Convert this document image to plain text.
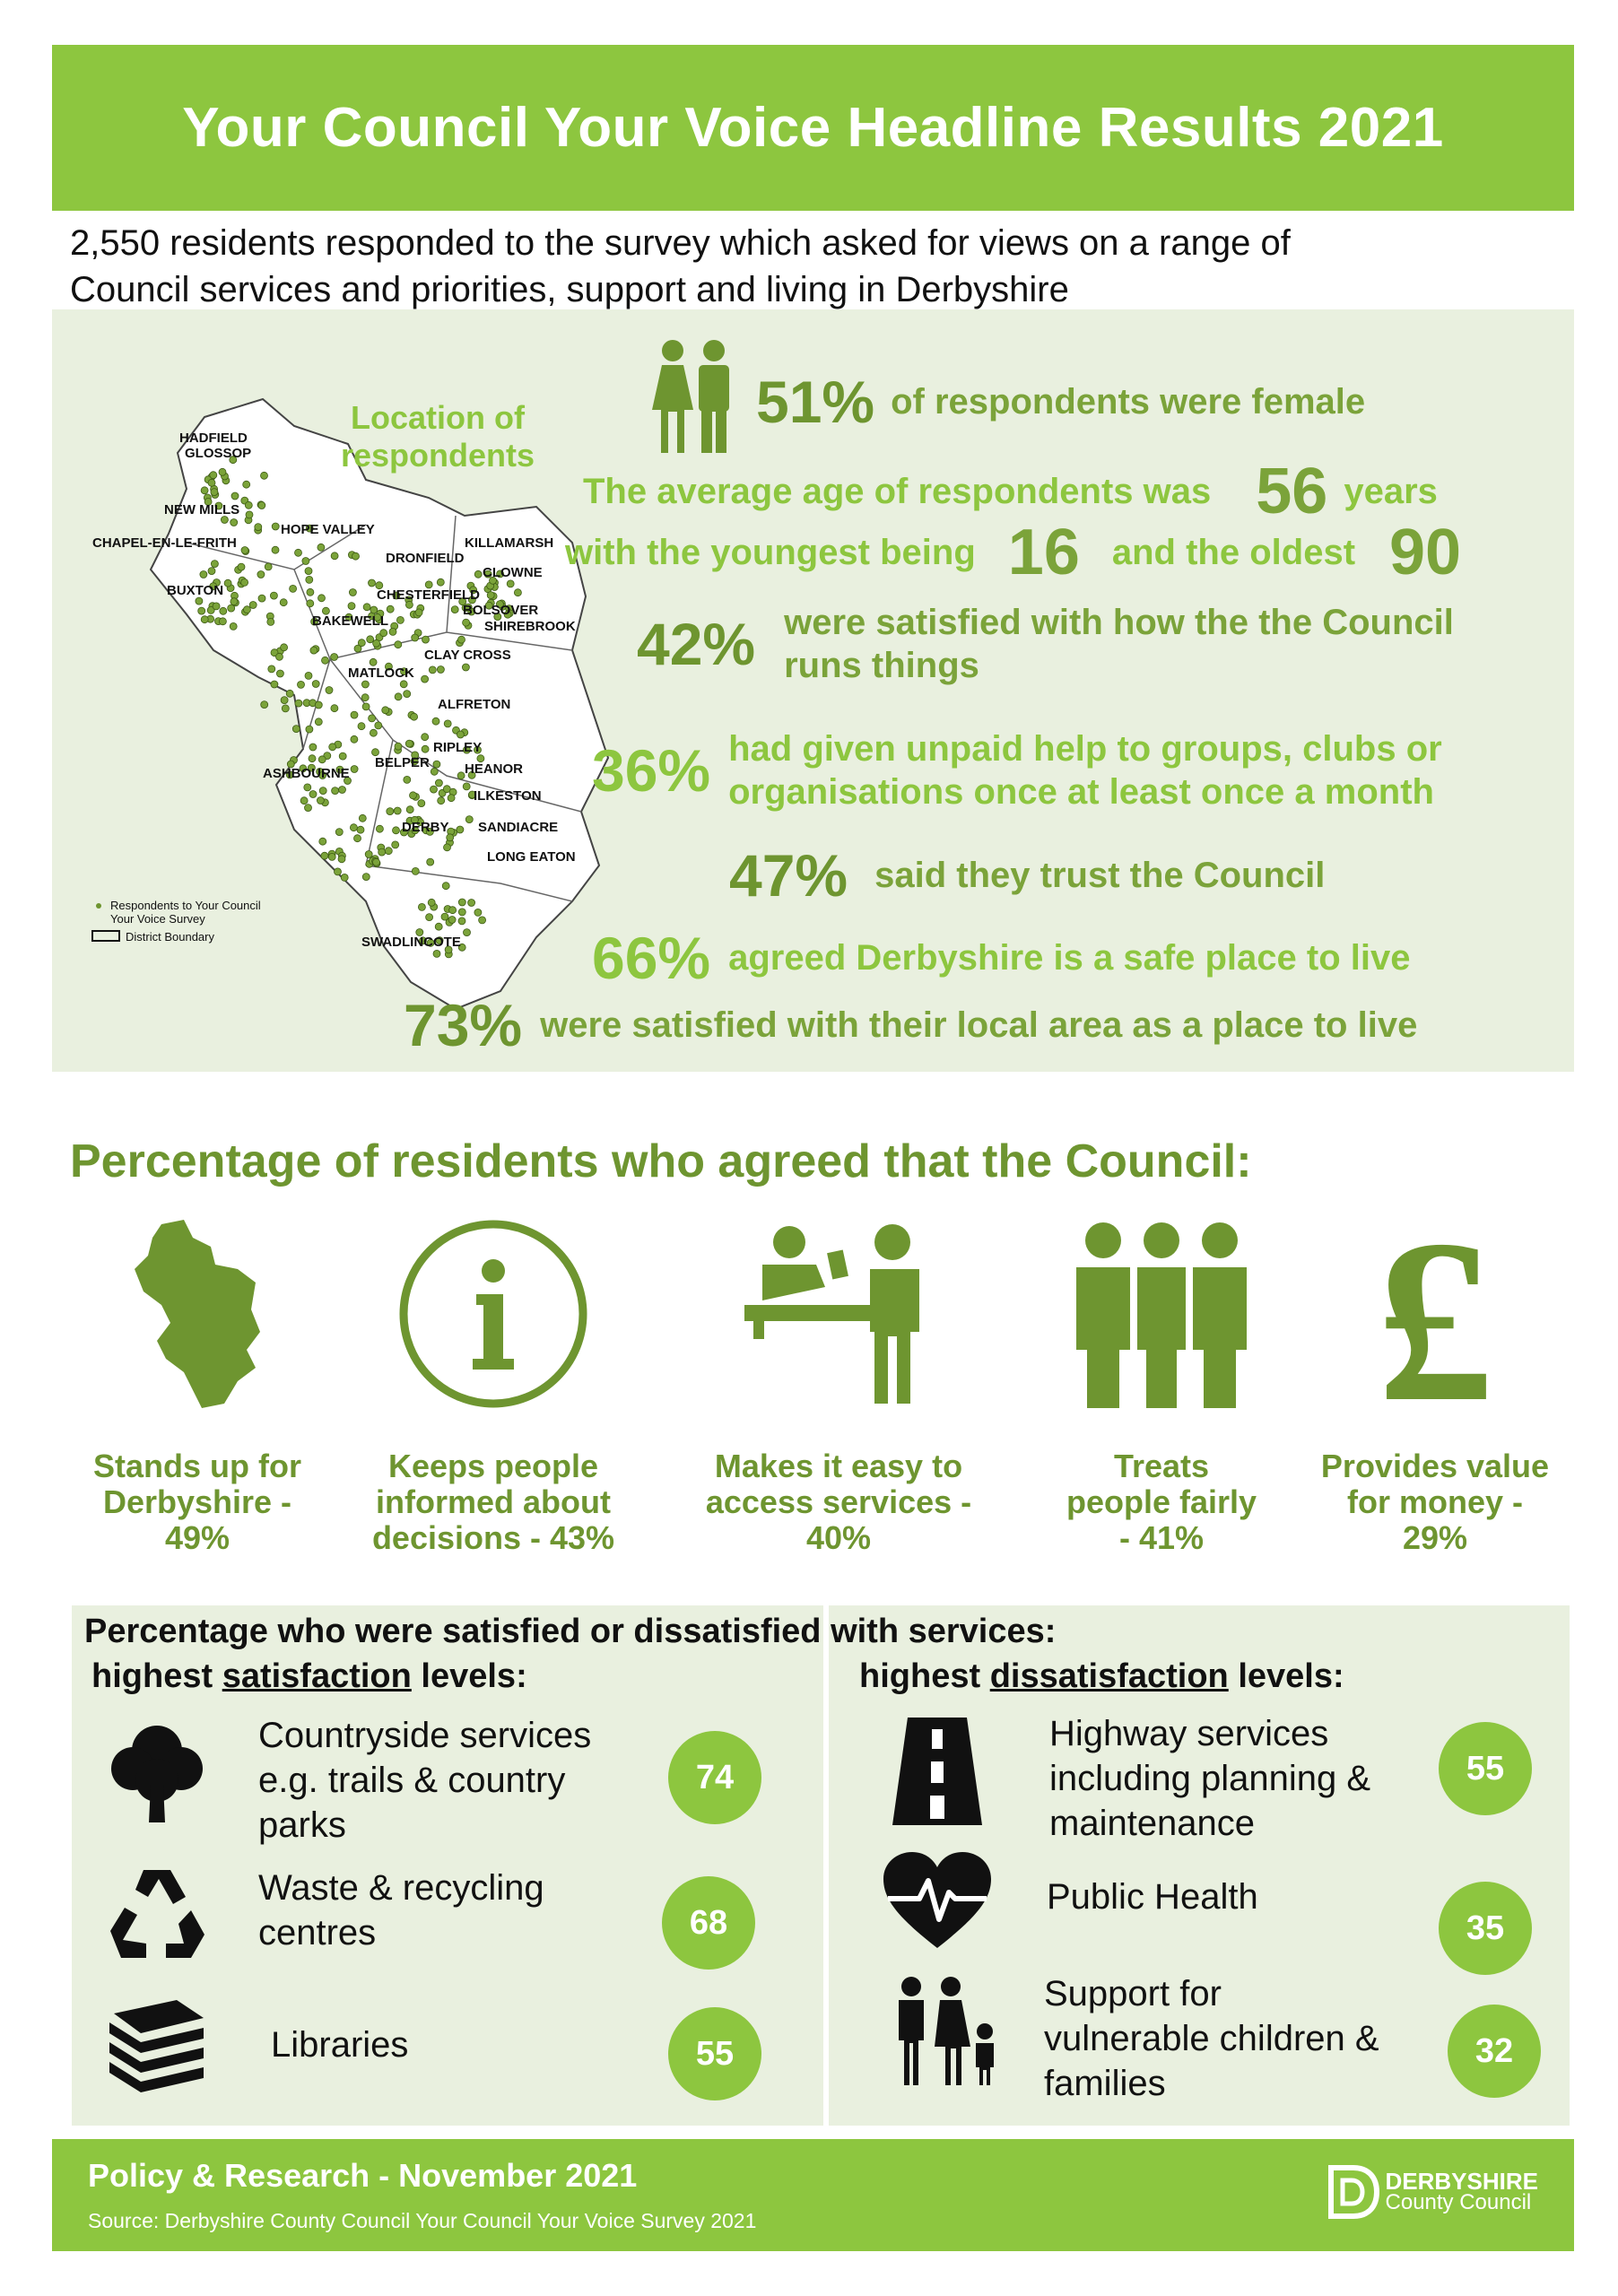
Your Council Your Voice Headline Results 2021
2,550 residents responded to the survey which asked for views on a range of
Council services and priorities, support and living in Derbyshire
HADFIELD
GLOSSOP
NEW MILLS
HOPE VALLEY
CHAPEL-EN-LE-FRITH	KILLAMARSH
DRONFIELD
CLOWNE
BUXTON	CHESTERFIELD
BOLSOVER
BAKEWELL	SHIREBROOK
CLAY CROSS
MATLOCK
ALFRETON
RIPLEY
BELPER	HEANOR
ASHBOURNE
ILKESTON
DERBY SANDIACRE
LONG EATON
SWADLINCOTE
Respondents to Your Council
Your Voice Survey
District Boundary
Location of
respondents
51% of respondents were female
The average age of respondents was 56 years
with the youngest being 16 and the oldest 90
42% were satisfied with how the the Council
runs things
36% had given unpaid help to groups, clubs or
organisations once at least once a month
47% said they trust the Council
66% agreed Derbyshire is a safe place to live
73% were satisfied with their local area as a place to live
Percentage of residents who agreed that the Council:
Stands up for
Derbyshire -
49%
Keeps people
informed about
decisions - 43%
Makes it easy to
access services -
40%
Treats
people fairly
- 41%
£
Provides value
for money -
29%
Percentage who were satisfied or dissatisfied with services:
highest satisfaction levels:	highest dissatisfaction levels:
Countryside services
e.g. trails & country
parks
74
Waste & recycling
centres	68
Libraries	55
Highway services
including planning &
maintenance
55
Public Health
35
Support for
vulnerable children &
families
32
Policy & Research - November 2021
Source: Derbyshire County Council Your Council Your Voice Survey 2021
DERBYSHIRE
County Council
